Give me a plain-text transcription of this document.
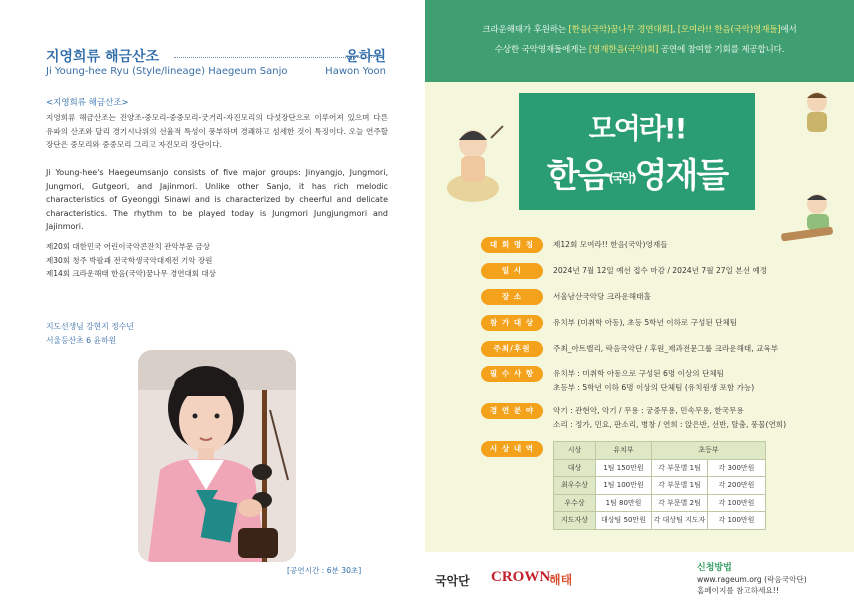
지영희류 해금산조	윤하원
Ji Young-hee Ryu (Style/lineage) Haegeum Sanjo	Hawon Yoon
<지영희류 해금산조>

지영희류 해금산조는 진양조-중모리-중중모리-굿거리-자진모리의 다섯장단으로 이루어져 있으며 다른 유파의 산조와 달리 경기시나위의 선율적 특성이 풍부하며 경쾌하고 섬세한 것이 특징이다. 오늘 연주할 장단은 중모리와 중중모리 그리고 자진모리 장단이다.

Ji Young-hee's Haegeumsanjo consists of five major groups: Jinyangjo, Jungmori, Jungmori, Gutgeori, and Jajinmori. Unlike other Sanjo, it has rich melodic characteristics of Gyeonggi Sinawi and is characterized by cheerful and delicate characteristics. The rhythm to be played today is Jungmori Jungjungmori and Jajinmori.

제20회 대한민국 어린이국악콘잔치 관악부문 금상
제30회 청주 박팔괘 전국학생국악대제전 기악 장원
제14회 크라운해태 한음(국악)꿈나무 경연대회 대상
지도선생님 강현지 정수년
서울등산초 6 윤하원
[공연시간 : 6분 30초]
크라운해태가 후원하는 [한음(국악)꿈나무 경연대회], [모여라!! 한음(국악)영재들]에서
수상한 국악영재들에게는 [영재한음(국악)회] 공연에 참여할 기회를 제공합니다.
모여라!!
한음(국악)영재들
대 회 명 칭	제12회 모여라!! 한음(국악)영재들
일 시	2024년 7월 12일 예선 접수 마감 / 2024년 7월 27일 본선 예정
장 소	서울남산국악당 크라운해태홀
참 가 대 상	유치부 (미취학 아동), 초등 5학년 이하로 구성된 단체팀
주최/후원	주최_아트밸리, 락음국악단 / 후원_제과전문그룹 크라운해태, 교육부
필 수 사 항	유치부 : 미취학 아동으로 구성된 6명 이상의 단체팀
초등부 : 5학년 이하 6명 이상의 단체팀 (유치원생 포함 가능)
경 연 분 야	악기 : 관현악, 악기 / 무용 : 궁중무용, 민속무용, 한국무용
소리 : 정가, 민요, 판소리, 병창 / 연희 : 앉은반, 선반, 탈춤, 풍물(연희)
시 상 내 역	시상	유치부	초등부	
대상	1팀 150만원	각 부문별 1팀	각 300만원
최우수상	1팀 100만원	각 부문별 1팀	각 200만원
우수상	1팀 80만원	각 부문별 2팀	각 100만원
지도자상	대상팀 50만원	각 대상팀 지도자	각 100만원
국악단 CROWN
해태
신청방법
www.rageum.org (락음국악단)
홈페이지를 참고하세요!!
